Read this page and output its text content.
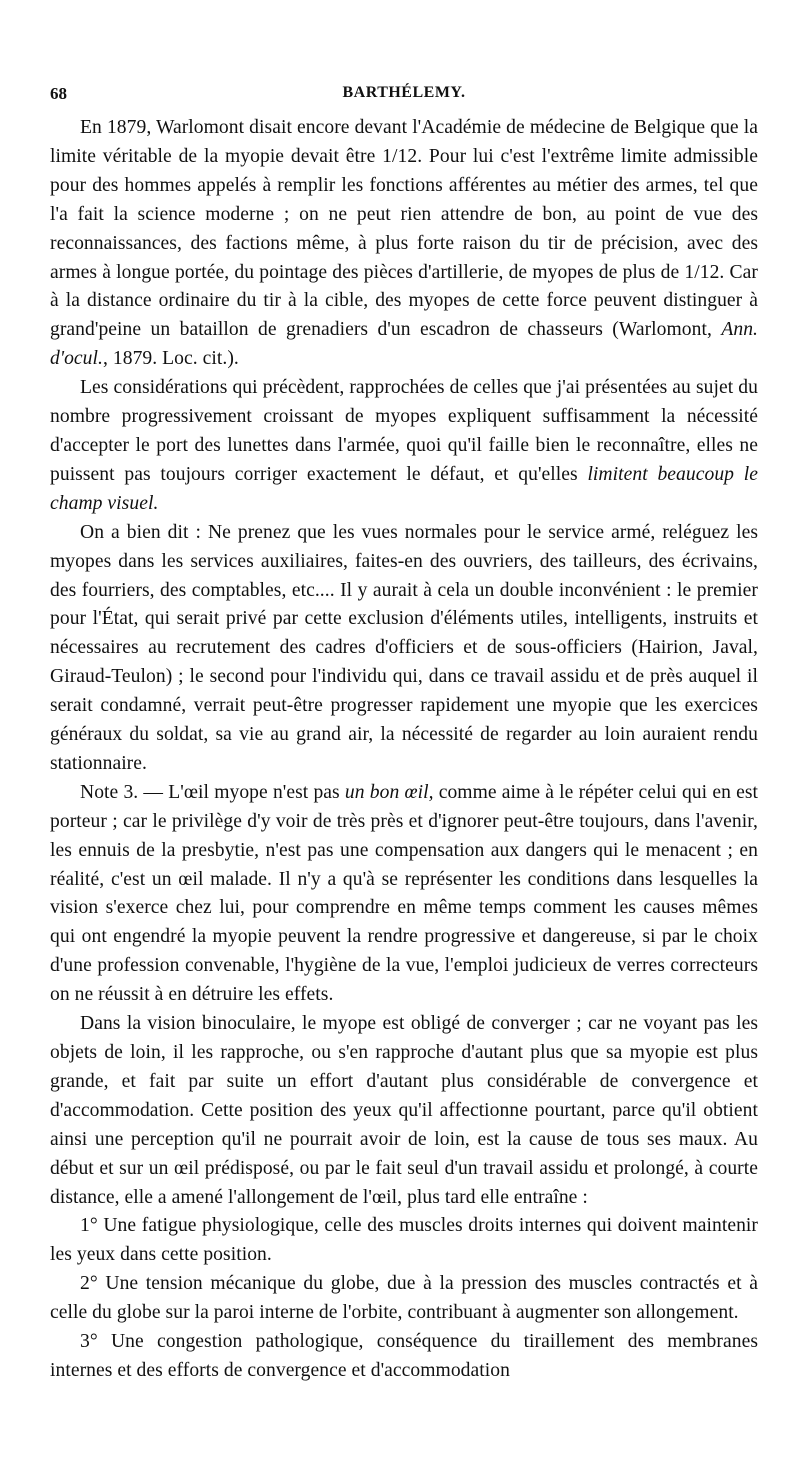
68	BARTHÉLEMY.

En 1879, Warlomont disait encore devant l'Académie de médecine de Belgique que la limite véritable de la myopie devait être 1/12. Pour lui c'est l'extrême limite admissible pour des hommes appelés à remplir les fonctions afférentes au métier des armes, tel que l'a fait la science moderne ; on ne peut rien attendre de bon, au point de vue des reconnaissances, des factions même, à plus forte raison du tir de précision, avec des armes à longue portée, du pointage des pièces d'artillerie, de myopes de plus de 1/12. Car à la distance ordinaire du tir à la cible, des myopes de cette force peuvent distinguer à grand'peine un bataillon de grenadiers d'un escadron de chasseurs (Warlomont, Ann. d'ocul., 1879. Loc. cit.).

Les considérations qui précèdent, rapprochées de celles que j'ai présentées au sujet du nombre progressivement croissant de myopes expliquent suffisamment la nécessité d'accepter le port des lunettes dans l'armée, quoi qu'il faille bien le reconnaître, elles ne puissent pas toujours corriger exactement le défaut, et qu'elles limitent beaucoup le champ visuel.

On a bien dit : Ne prenez que les vues normales pour le service armé, reléguez les myopes dans les services auxiliaires, faites-en des ouvriers, des tailleurs, des écrivains, des fourriers, des comptables, etc.... Il y aurait à cela un double inconvénient : le premier pour l'État, qui serait privé par cette exclusion d'éléments utiles, intelligents, instruits et nécessaires au recrutement des cadres d'officiers et de sous-officiers (Hairion, Javal, Giraud-Teulon) ; le second pour l'individu qui, dans ce travail assidu et de près auquel il serait condamné, verrait peut-être progresser rapidement une myopie que les exercices généraux du soldat, sa vie au grand air, la nécessité de regarder au loin auraient rendu stationnaire.

Note 3. — L'œil myope n'est pas un bon œil, comme aime à le répéter celui qui en est porteur ; car le privilège d'y voir de très près et d'ignorer peut-être toujours, dans l'avenir, les ennuis de la presbytie, n'est pas une compensation aux dangers qui le menacent ; en réalité, c'est un œil malade. Il n'y a qu'à se représenter les conditions dans lesquelles la vision s'exerce chez lui, pour comprendre en même temps comment les causes mêmes qui ont engendré la myopie peuvent la rendre progressive et dangereuse, si par le choix d'une profession convenable, l'hygiène de la vue, l'emploi judicieux de verres correcteurs on ne réussit à en détruire les effets.

Dans la vision binoculaire, le myope est obligé de converger ; car ne voyant pas les objets de loin, il les rapproche, ou s'en rapproche d'autant plus que sa myopie est plus grande, et fait par suite un effort d'autant plus considérable de convergence et d'accommodation. Cette position des yeux qu'il affectionne pourtant, parce qu'il obtient ainsi une perception qu'il ne pourrait avoir de loin, est la cause de tous ses maux. Au début et sur un œil prédisposé, ou par le fait seul d'un travail assidu et prolongé, à courte distance, elle a amené l'allongement de l'œil, plus tard elle entraîne :

1° Une fatigue physiologique, celle des muscles droits internes qui doivent maintenir les yeux dans cette position.

2° Une tension mécanique du globe, due à la pression des muscles contractés et à celle du globe sur la paroi interne de l'orbite, contribuant à augmenter son allongement.

3° Une congestion pathologique, conséquence du tiraillement des membranes internes et des efforts de convergence et d'accommodation
